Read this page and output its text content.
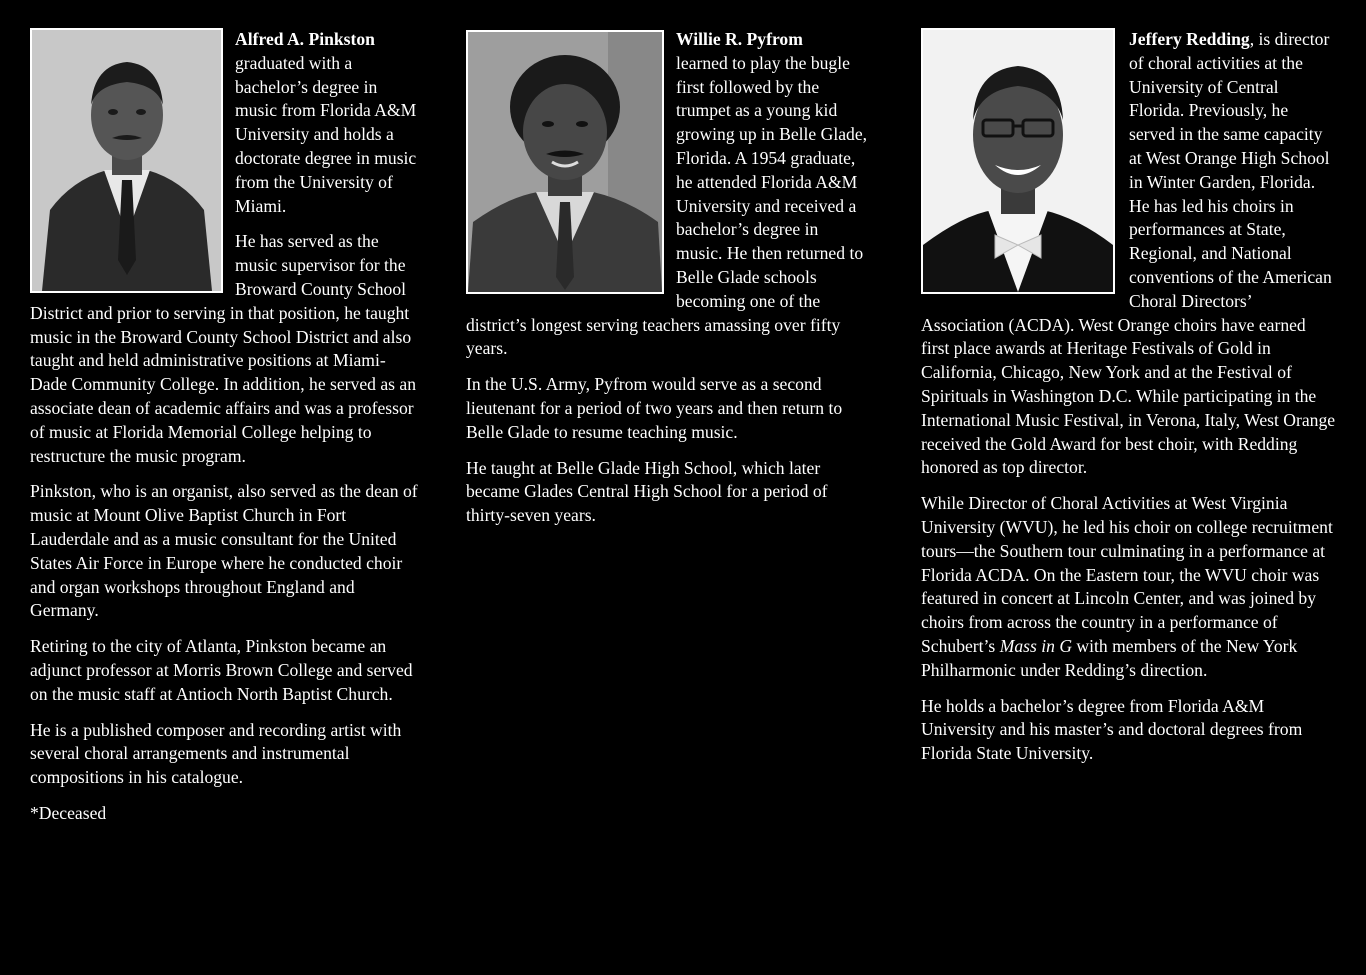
Alfred A. Pinkston
graduated with a bachelor’s degree in music from Florida A&M University and holds a doctorate degree in music from the University of Miami.

He has served as the music supervisor for the Broward County School District and prior to serving in that position, he taught music in the Broward County School District and also taught and held administrative positions at Miami-Dade Community College. In addition, he served as an associate dean of academic affairs and was a professor of music at Florida Memorial College helping to restructure the music program.

Pinkston, who is an organist, also served as the dean of music at Mount Olive Baptist Church in Fort Lauderdale and as a music consultant for the United States Air Force in Europe where he conducted choir and organ workshops throughout England and Germany.

Retiring to the city of Atlanta, Pinkston became an adjunct professor at Morris Brown College and served on the music staff at Antioch North Baptist Church.

He is a published composer and recording artist with several choral arrangements and instrumental compositions in his catalogue.

*Deceased

Willie R. Pyfrom
learned to play the bugle first followed by the trumpet as a young kid growing up in Belle Glade, Florida. A 1954 graduate, he attended Florida A&M University and received a bachelor’s degree in music. He then returned to Belle Glade schools becoming one of the district’s longest serving teachers amassing over fifty years.

In the U.S. Army, Pyfrom would serve as a second lieutenant for a period of two years and then return to Belle Glade to resume teaching music.

He taught at Belle Glade High School, which later became Glades Central High School for a period of thirty-seven years.

Jeffery Redding, is director of choral activities at the University of Central Florida. Previously, he served in the same capacity at West Orange High School in Winter Garden, Florida. He has led his choirs in performances at State, Regional, and National conventions of the American Choral Directors’ Association (ACDA). West Orange choirs have earned first place awards at Heritage Festivals of Gold in California, Chicago, New York and at the Festival of Spirituals in Washington D.C. While participating in the International Music Festival, in Verona, Italy, West Orange received the Gold Award for best choir, with Redding honored as top director.

While Director of Choral Activities at West Virginia University (WVU), he led his choir on college recruitment tours—the Southern tour culminating in a performance at Florida ACDA. On the Eastern tour, the WVU choir was featured in concert at Lincoln Center, and was joined by choirs from across the country in a performance of Schubert’s Mass in G with members of the New York Philharmonic under Redding’s direction.

He holds a bachelor’s degree from Florida A&M University and his master’s and doctoral degrees from Florida State University.
